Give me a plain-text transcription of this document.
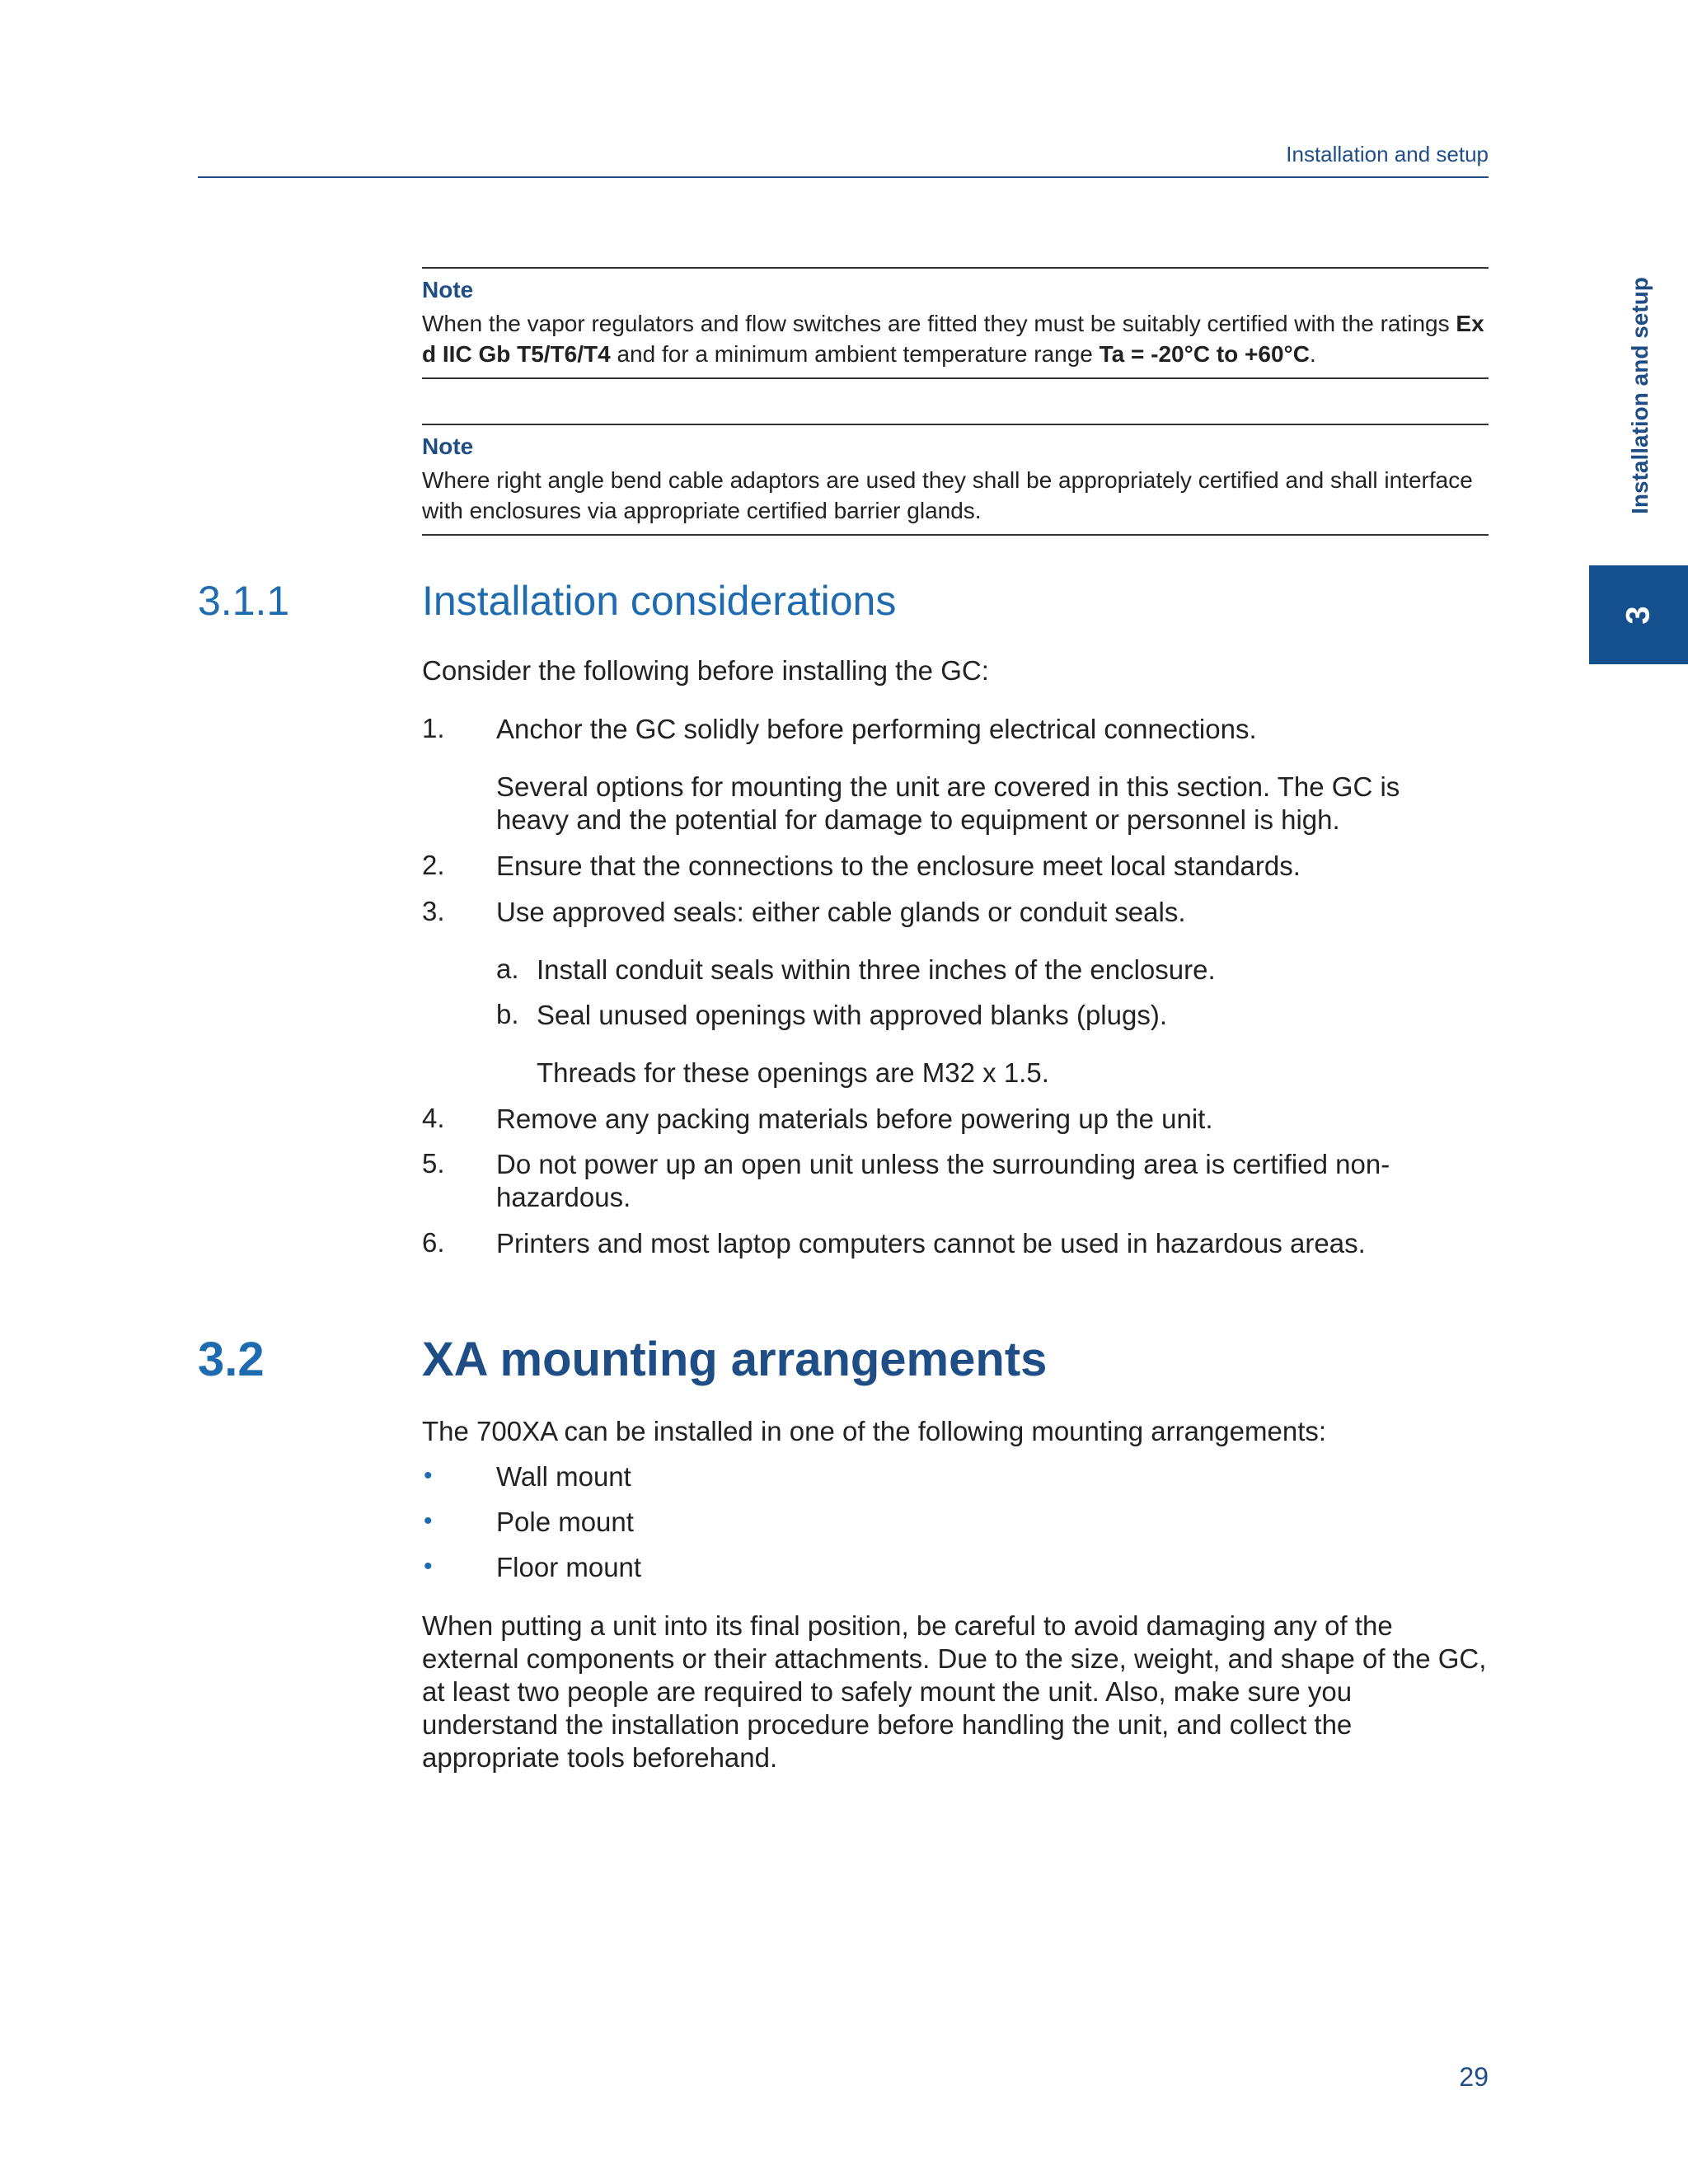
Installation and setup
Installation and setup
3
Note
When the vapor regulators and flow switches are fitted they must be suitably certified with the ratings Ex d IIC Gb T5/T6/T4 and for a minimum ambient temperature range Ta = -20°C to +60°C.
Note
Where right angle bend cable adaptors are used they shall be appropriately certified and shall interface with enclosures via appropriate certified barrier glands.
3.1.1	Installation considerations
Consider the following before installing the GC:
1. Anchor the GC solidly before performing electrical connections.
Several options for mounting the unit are covered in this section. The GC is heavy and the potential for damage to equipment or personnel is high.
2. Ensure that the connections to the enclosure meet local standards.
3. Use approved seals: either cable glands or conduit seals.
a. Install conduit seals within three inches of the enclosure.
b. Seal unused openings with approved blanks (plugs).
Threads for these openings are M32 x 1.5.
4. Remove any packing materials before powering up the unit.
5. Do not power up an open unit unless the surrounding area is certified non-hazardous.
6. Printers and most laptop computers cannot be used in hazardous areas.
3.2	XA mounting arrangements
The 700XA can be installed in one of the following mounting arrangements:
• Wall mount
• Pole mount
• Floor mount
When putting a unit into its final position, be careful to avoid damaging any of the external components or their attachments. Due to the size, weight, and shape of the GC, at least two people are required to safely mount the unit. Also, make sure you understand the installation procedure before handling the unit, and collect the appropriate tools beforehand.
29
